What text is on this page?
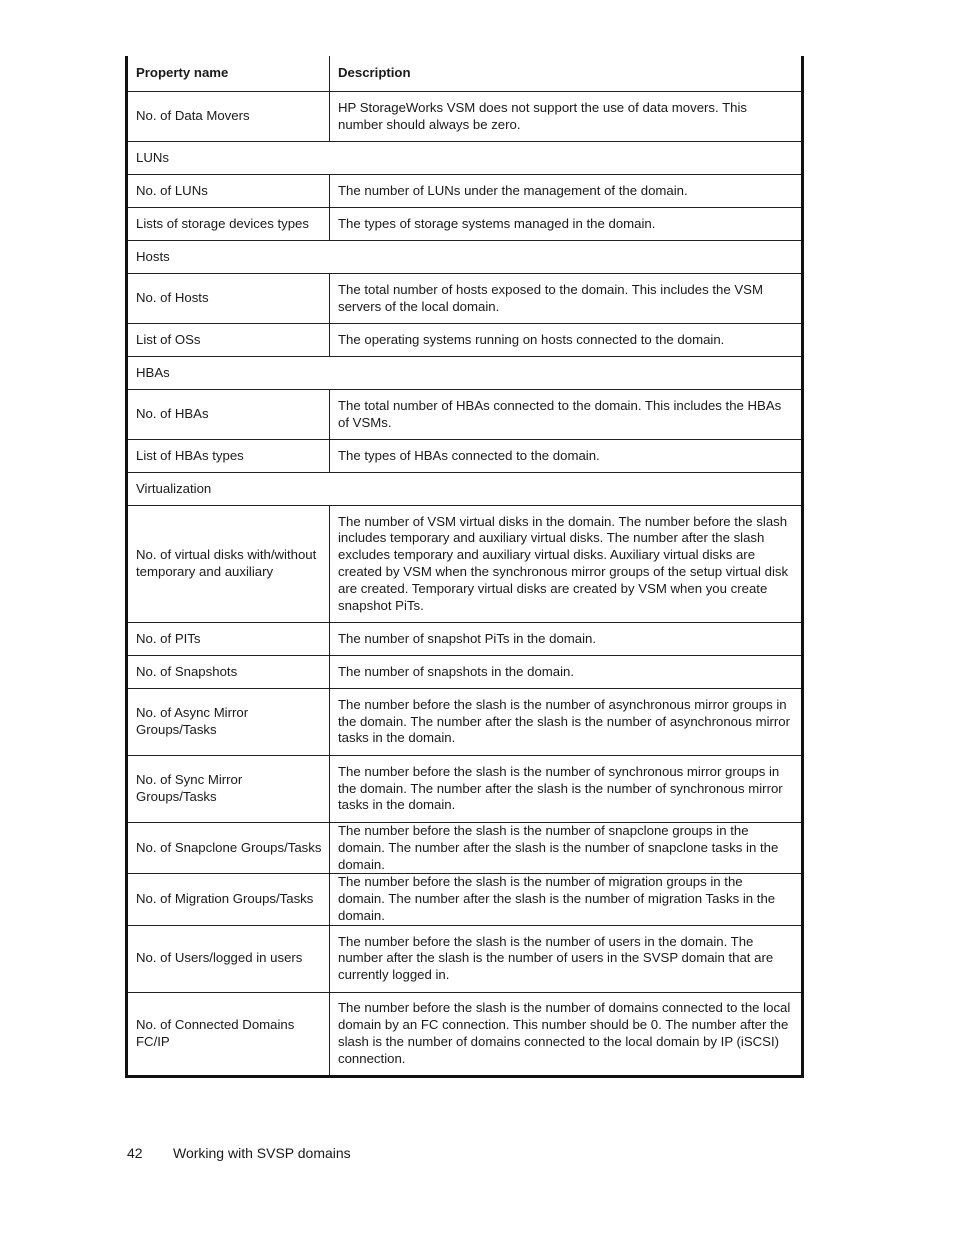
Property name	Description
No. of Data Movers	HP StorageWorks VSM does not support the use of data movers. This number should always be zero.
LUNs	
No. of LUNs	The number of LUNs under the management of the domain.
Lists of storage devices types	The types of storage systems managed in the domain.
Hosts	
No. of Hosts	The total number of hosts exposed to the domain. This includes the VSM servers of the local domain.
List of OSs	The operating systems running on hosts connected to the domain.
HBAs	
No. of HBAs	The total number of HBAs connected to the domain. This includes the HBAs of VSMs.
List of HBAs types	The types of HBAs connected to the domain.
Virtualization	
No. of virtual disks with/without temporary and auxiliary	The number of VSM virtual disks in the domain. The number before the slash includes temporary and auxiliary virtual disks. The number after the slash excludes temporary and auxiliary virtual disks. Auxiliary virtual disks are created by VSM when the synchronous mirror groups of the setup virtual disk are created. Temporary virtual disks are created by VSM when you create snapshot PiTs.
No. of PITs	The number of snapshot PiTs in the domain.
No. of Snapshots	The number of snapshots in the domain.
No. of Async Mirror Groups/Tasks	The number before the slash is the number of asynchronous mirror groups in the domain. The number after the slash is the number of asynchronous mirror tasks in the domain.
No. of Sync Mirror Groups/Tasks	The number before the slash is the number of synchronous mirror groups in the domain. The number after the slash is the number of synchronous mirror tasks in the domain.
No. of Snapclone Groups/Tasks	The number before the slash is the number of snapclone groups in the domain. The number after the slash is the number of snapclone tasks in the domain.
No. of Migration Groups/Tasks	The number before the slash is the number of migration groups in the domain. The number after the slash is the number of migration Tasks in the domain.
No. of Users/logged in users	The number before the slash is the number of users in the domain. The number after the slash is the number of users in the SVSP domain that are currently logged in.
No. of Connected Domains FC/IP	The number before the slash is the number of domains connected to the local domain by an FC connection. This number should be 0. The number after the slash is the number of domains connected to the local domain by IP (iSCSI) connection.
42 Working with SVSP domains
